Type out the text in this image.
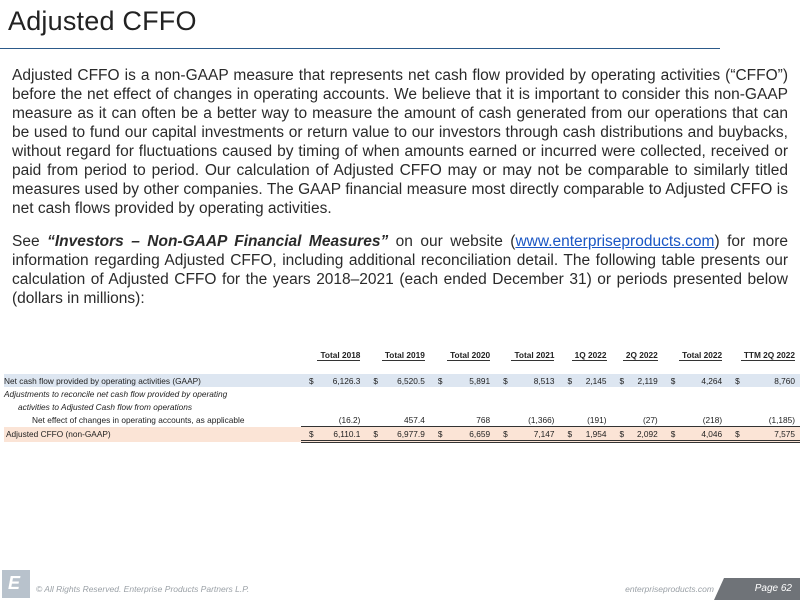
Adjusted CFFO
Adjusted CFFO is a non-GAAP measure that represents net cash flow provided by operating activities (“CFFO”) before the net effect of changes in operating accounts. We believe that it is important to consider this non-GAAP measure as it can often be a better way to measure the amount of cash generated from our operations that can be used to fund our capital investments or return value to our investors through cash distributions and buybacks, without regard for fluctuations caused by timing of when amounts earned or incurred were collected, received or paid from period to period. Our calculation of Adjusted CFFO may or may not be comparable to similarly titled measures used by other companies. The GAAP financial measure most directly comparable to Adjusted CFFO is net cash flows provided by operating activities.
See “Investors – Non-GAAP Financial Measures” on our website (www.enterpriseproducts.com) for more information regarding Adjusted CFFO, including additional reconciliation detail. The following table presents our calculation of Adjusted CFFO for the years 2018–2021 (each ended December 31) or periods presented below (dollars in millions):
	Total 2018	Total 2019	Total 2020	Total 2021	1Q 2022	2Q 2022	Total 2022	TTM 2Q 2022

Net cash flow provided by operating activities (GAAP)	$ 6,126.3	$ 6,520.5	$ 5,891	$ 8,513	$ 2,145	$ 2,119	$ 4,264	$ 8,760
Adjustments to reconcile net cash flow provided by operating								
activities to Adjusted Cash flow from operations								
Net effect of changes in operating accounts, as applicable	(16.2)	457.4	768	(1,366)	(191)	(27)	(218)	(1,185)
Adjusted CFFO (non-GAAP)	$ 6,110.1	$ 6,977.9	$ 6,659	$ 7,147	$ 1,954	$ 2,092	$ 4,046	$ 7,575
E © All Rights Reserved. Enterprise Products Partners L.P.	enterpriseproducts.com	Page 62
